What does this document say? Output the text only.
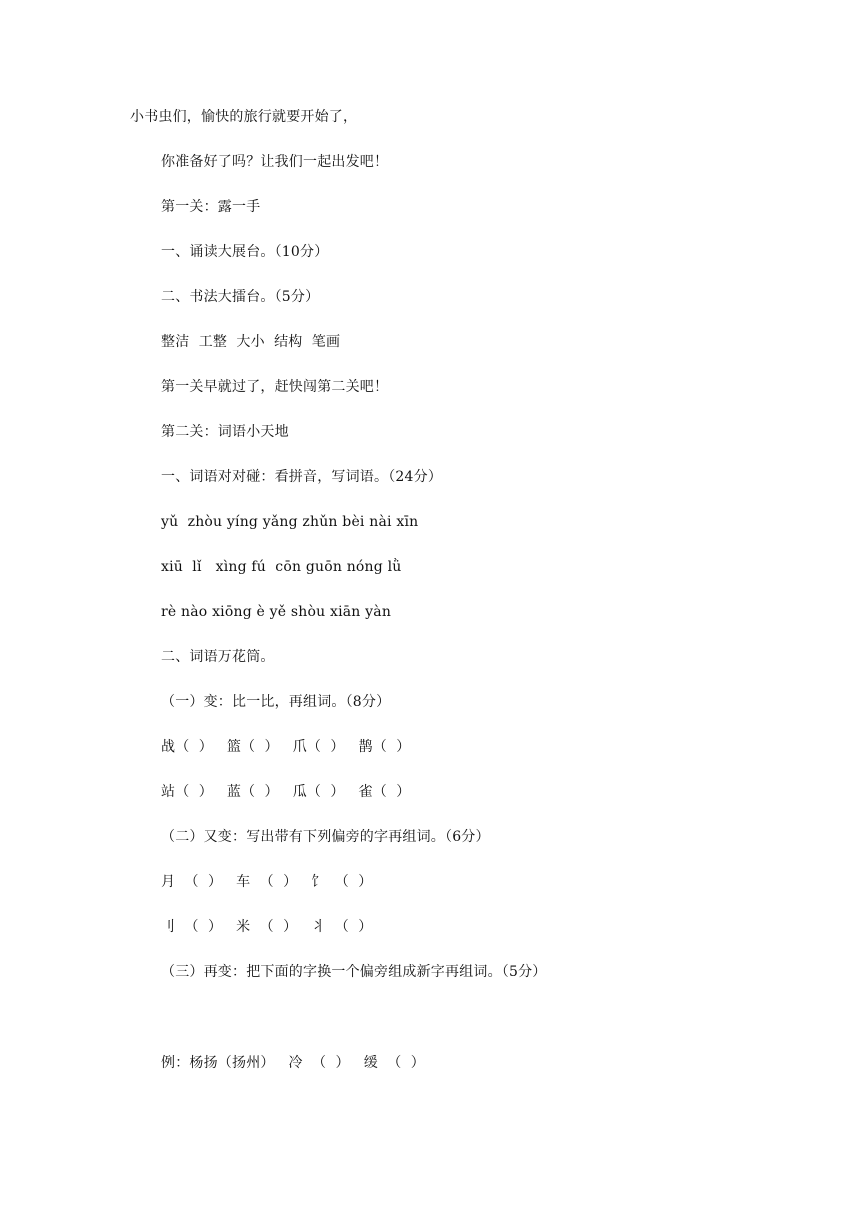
小书虫们，愉快的旅行就要开始了，
你准备好了吗？让我们一起出发吧！
第一关：露一手
一、诵读大展台。（10分）
二、书法大擂台。（5分）
整洁  工整  大小  结构  笔画
第一关早就过了，赶快闯第二关吧！
第二关：词语小天地
一、词语对对碰：看拼音，写词语。（24分）
yǔ  zhòu yíng yǎng zhǔn bèi nài xīn
xiū  lǐ   xìng fú  cōn guōn nóng lǜ
rè nào xiōng è yě shòu xiān yàn
二、词语万花筒。
（一）变：比一比，再组词。（8分）
战（  ）   篮（  ）   爪（  ）   鹊（  ）
站（  ）   蓝（  ）   瓜（  ）   雀（  ）
（二）又变：写出带有下列偏旁的字再组词。（6分）
月  （  ）   车  （  ）   饣  （  ）
刂  （  ）   米  （  ）   丬  （  ）
（三）再变：把下面的字换一个偏旁组成新字再组词。（5分）
例：杨扬（扬州）   冷  （  ）   缓  （  ）
